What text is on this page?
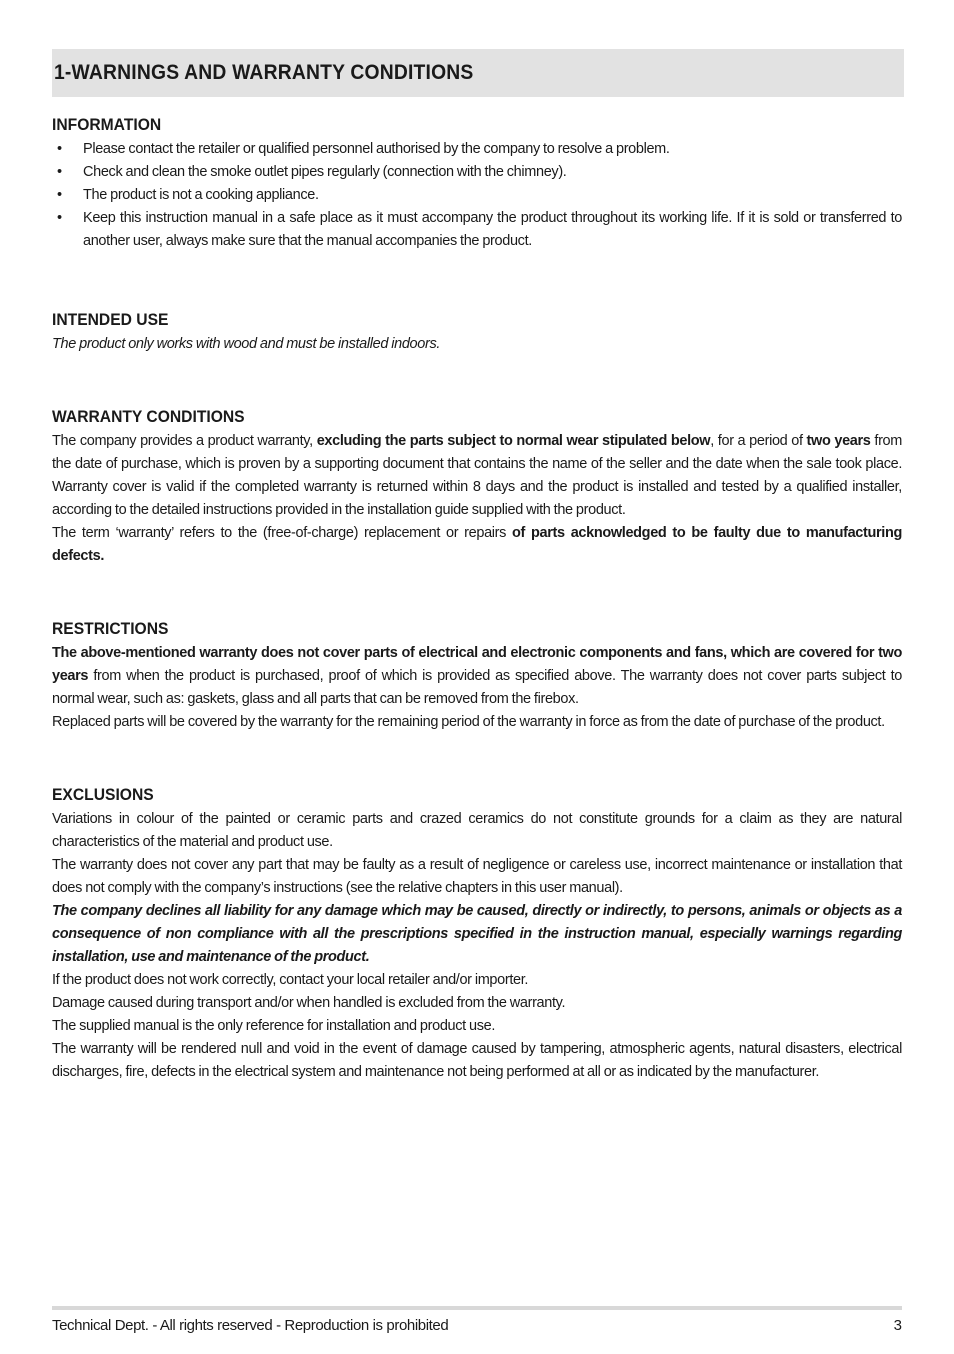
1-WARNINGS AND WARRANTY CONDITIONS
INFORMATION
• Please contact the retailer or qualified personnel authorised by the company to resolve a problem.
• Check and clean the smoke outlet pipes regularly (connection with the chimney).
• The product is not a cooking appliance.
• Keep this instruction manual in a safe place as it must accompany the product throughout its working life. If it is sold or transferred to another user, always make sure that the manual accompanies the product.
INTENDED USE

The product only works with wood and must be installed indoors.

WARRANTY CONDITIONS

The company provides a product warranty, excluding the parts subject to normal wear stipulated below, for a period of two years from the date of purchase, which is proven by a supporting document that contains the name of the seller and the date when the sale took place. Warranty cover is valid if the completed warranty is returned within 8 days and the product is installed and tested by a qualified installer, according to the detailed instructions provided in the installation guide supplied with the product.

The term ‘warranty’ refers to the (free-of-charge) replacement or repairs of parts acknowledged to be faulty due to manufacturing defects.

RESTRICTIONS

The above-mentioned warranty does not cover parts of electrical and electronic components and fans, which are covered for two years from when the product is purchased, proof of which is provided as specified above. The warranty does not cover parts subject to normal wear, such as: gaskets, glass and all parts that can be removed from the firebox.

Replaced parts will be covered by the warranty for the remaining period of the warranty in force as from the date of purchase of the product.

EXCLUSIONS

Variations in colour of the painted or ceramic parts and crazed ceramics do not constitute grounds for a claim as they are natural characteristics of the material and product use.

The warranty does not cover any part that may be faulty as a result of negligence or careless use, incorrect maintenance or installation that does not comply with the company’s instructions (see the relative chapters in this user manual).

The company declines all liability for any damage which may be caused, directly or indirectly, to persons, animals or objects as a consequence of non compliance with all the prescriptions specified in the instruction manual, especially warnings regarding installation, use and maintenance of the product.

If the product does not work correctly, contact your local retailer and/or importer.

Damage caused during transport and/or when handled is excluded from the warranty.

The supplied manual is the only reference for installation and product use.

The warranty will be rendered null and void in the event of damage caused by tampering, atmospheric agents, natural disasters, electrical discharges, fire, defects in the electrical system and maintenance not being performed at all or as indicated by the manufacturer.

Technical Dept. - All rights reserved - Reproduction is prohibited	3
